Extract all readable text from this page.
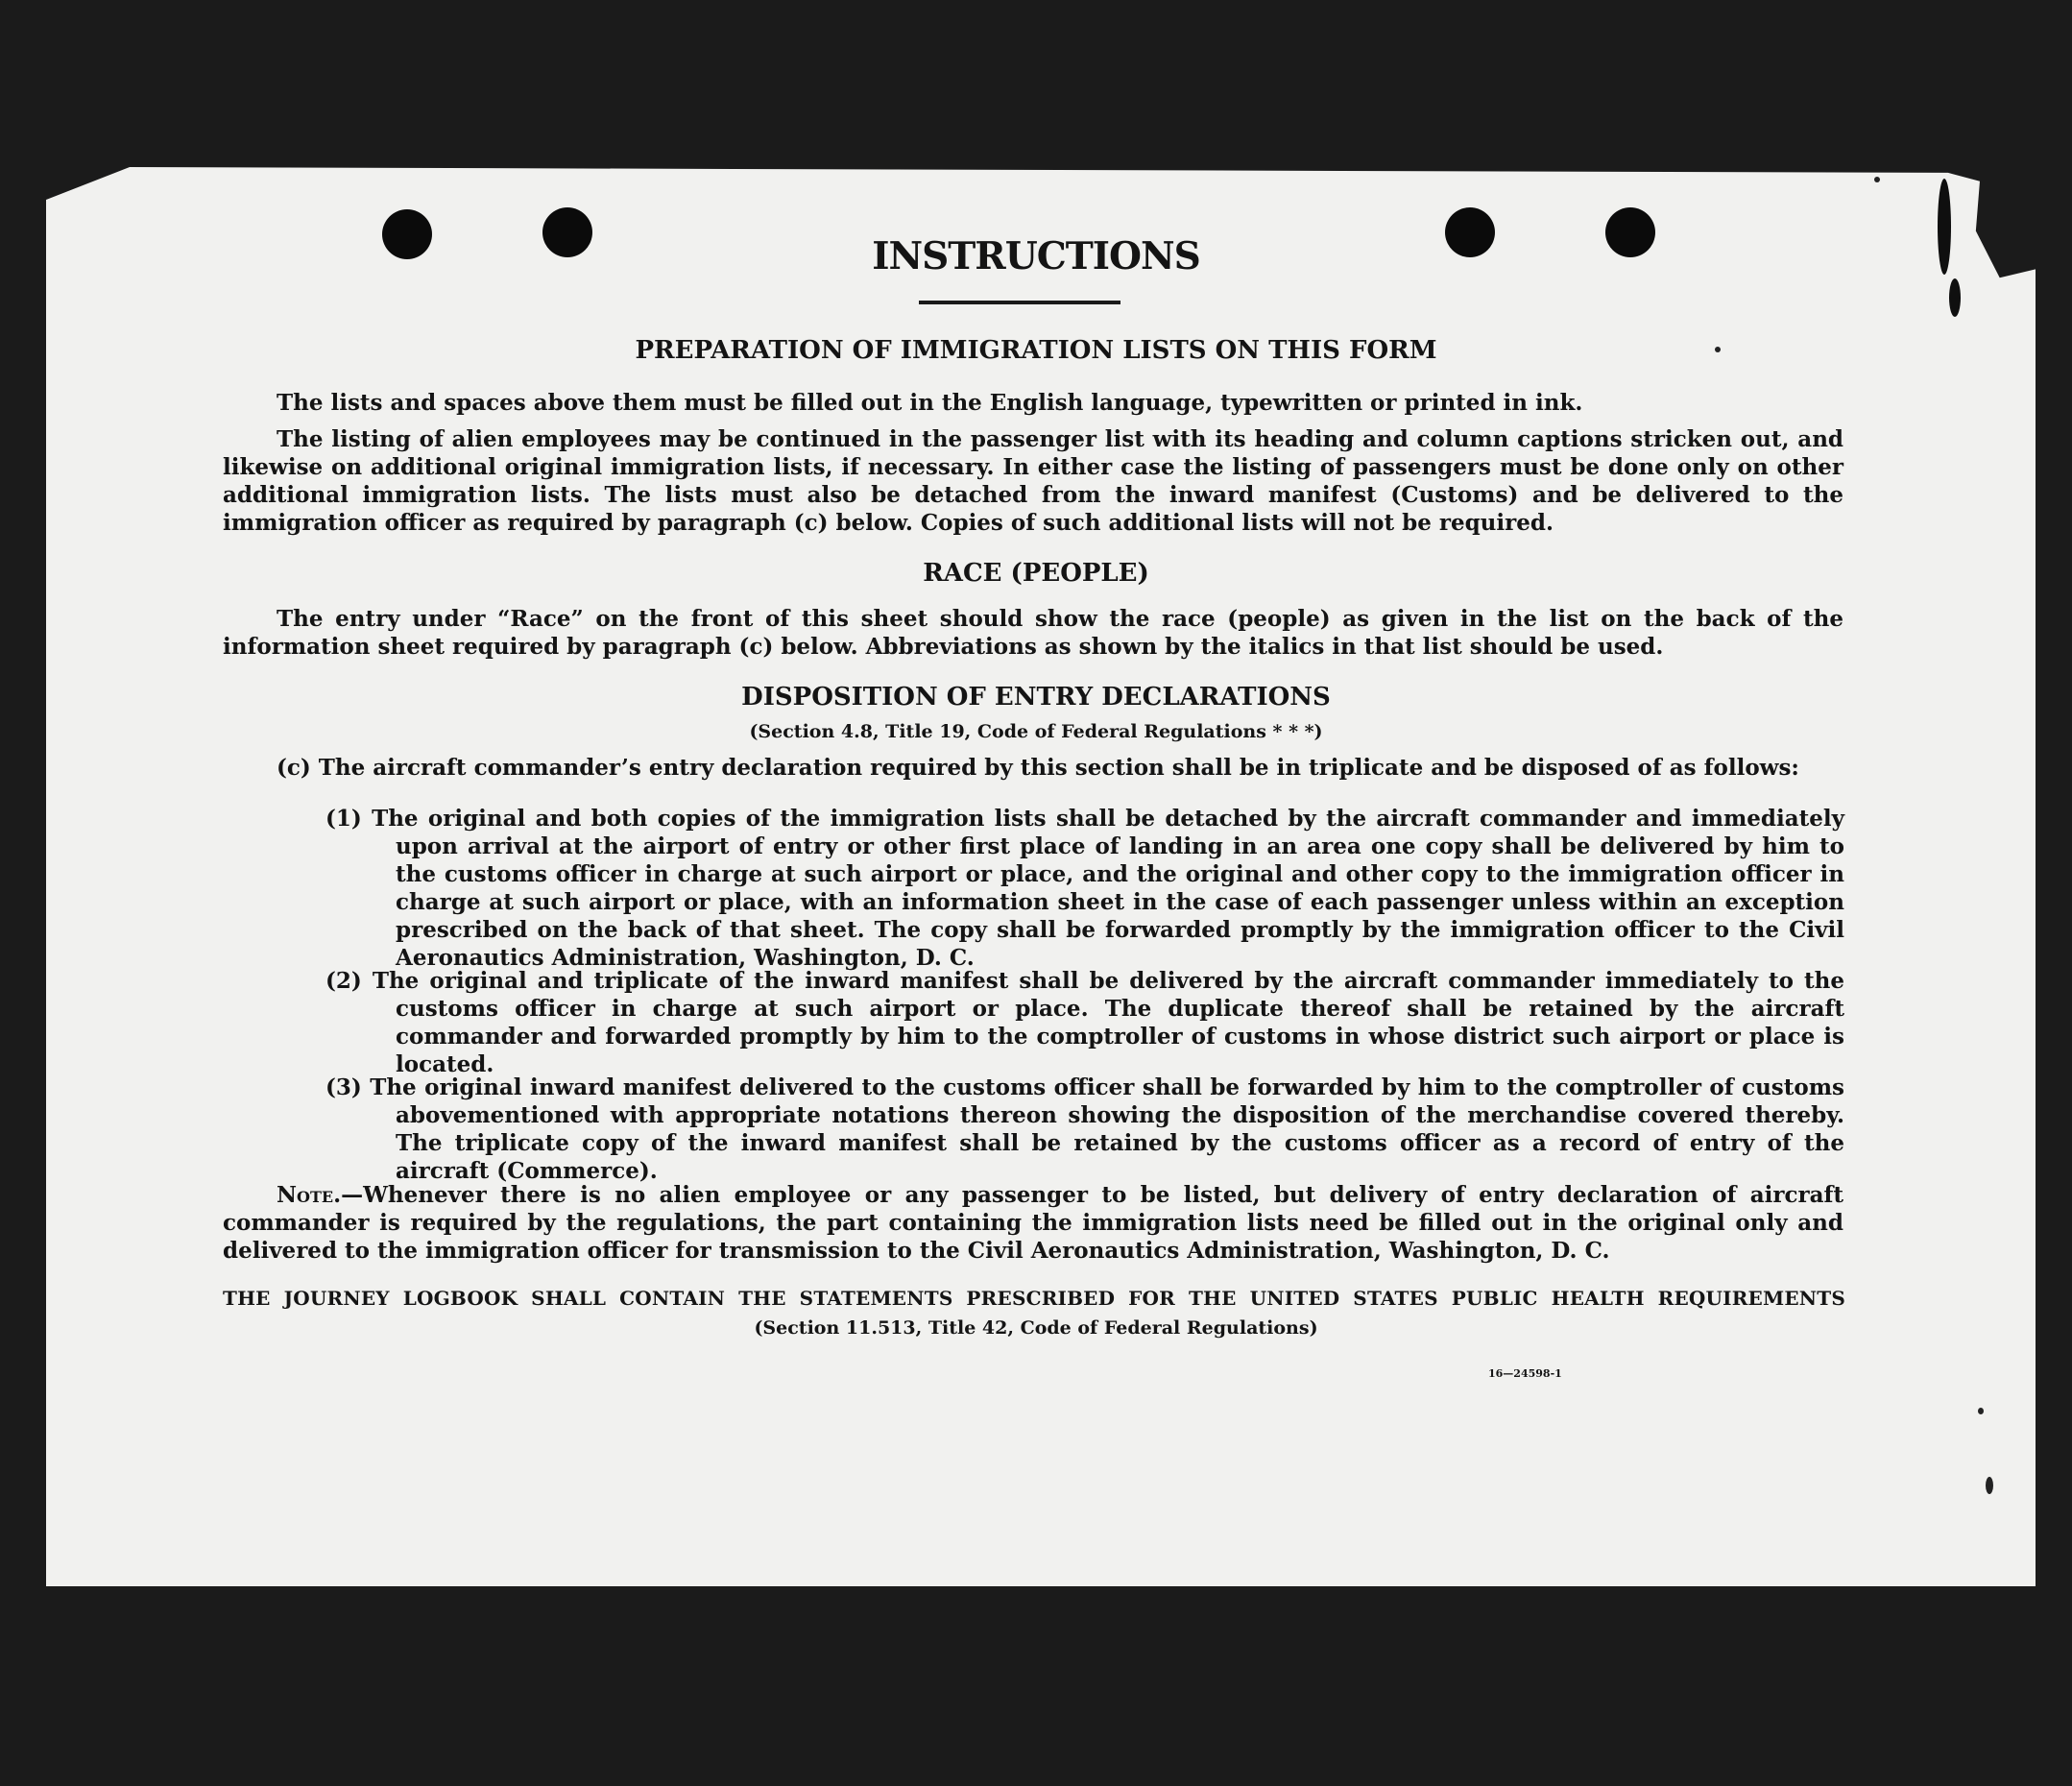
INSTRUCTIONS
PREPARATION OF IMMIGRATION LISTS ON THIS FORM

The lists and spaces above them must be filled out in the English language, typewritten or printed in ink.

The listing of alien employees may be continued in the passenger list with its heading and column captions stricken out, and likewise on additional original immigration lists, if necessary. In either case the listing of passengers must be done only on other additional immigration lists. The lists must also be detached from the inward manifest (Customs) and be delivered to the immigration officer as required by paragraph (c) below. Copies of such additional lists will not be required.

RACE (PEOPLE)

The entry under “Race” on the front of this sheet should show the race (people) as given in the list on the back of the information sheet required by paragraph (c) below. Abbreviations as shown by the italics in that list should be used.

DISPOSITION OF ENTRY DECLARATIONS

(Section 4.8, Title 19, Code of Federal Regulations * * *)

(c) The aircraft commander’s entry declaration required by this section shall be in triplicate and be disposed of as follows:

(1) The original and both copies of the immigration lists shall be detached by the aircraft commander and immediately upon arrival at the airport of entry or other first place of landing in an area one copy shall be delivered by him to the customs officer in charge at such airport or place, and the original and other copy to the immigration officer in charge at such airport or place, with an information sheet in the case of each passenger unless within an exception prescribed on the back of that sheet. The copy shall be forwarded promptly by the immigration officer to the Civil Aeronautics Administration, Washington, D. C.

(2) The original and triplicate of the inward manifest shall be delivered by the aircraft commander immediately to the customs officer in charge at such airport or place. The duplicate thereof shall be retained by the aircraft commander and forwarded promptly by him to the comptroller of customs in whose district such airport or place is located.

(3) The original inward manifest delivered to the customs officer shall be forwarded by him to the comptroller of customs abovementioned with appropriate notations thereon showing the disposition of the merchandise covered thereby. The triplicate copy of the inward manifest shall be retained by the customs officer as a record of entry of the aircraft (Commerce).

Note.—Whenever there is no alien employee or any passenger to be listed, but delivery of entry declaration of aircraft commander is required by the regulations, the part containing the immigration lists need be filled out in the original only and delivered to the immigration officer for transmission to the Civil Aeronautics Administration, Washington, D. C.

THE JOURNEY LOGBOOK SHALL CONTAIN THE STATEMENTS PRESCRIBED FOR THE UNITED STATES PUBLIC HEALTH REQUIREMENTS

(Section 11.513, Title 42, Code of Federal Regulations)

16—24598-1
